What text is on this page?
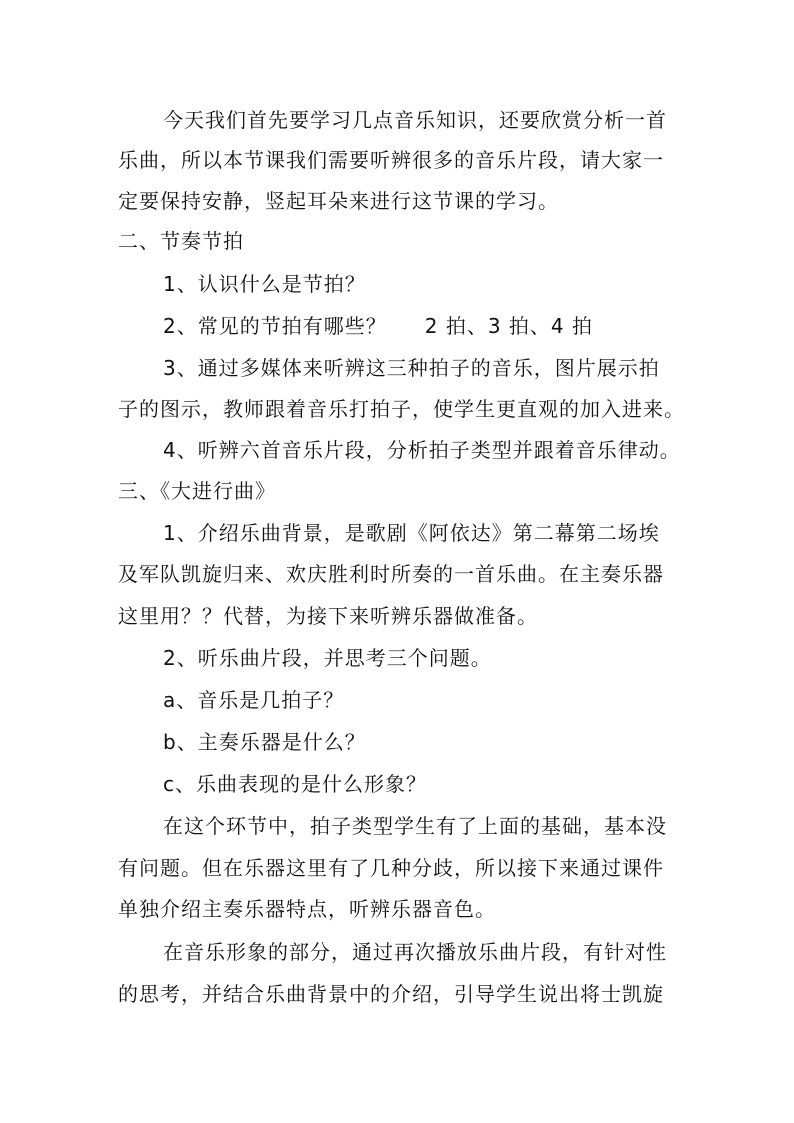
今天我们首先要学习几点音乐知识，还要欣赏分析一首
乐曲，所以本节课我们需要听辨很多的音乐片段，请大家一
定要保持安静，竖起耳朵来进行这节课的学习。
二、节奏节拍
1、认识什么是节拍？
2、常见的节拍有哪些？ 2 拍、3 拍、4 拍
3、通过多媒体来听辨这三种拍子的音乐，图片展示拍
子的图示，教师跟着音乐打拍子，使学生更直观的加入进来。
4、听辨六首音乐片段，分析拍子类型并跟着音乐律动。
三、《大进行曲》
1、介绍乐曲背景，是歌剧《阿依达》第二幕第二场埃
及军队凯旋归来、欢庆胜利时所奏的一首乐曲。在主奏乐器
这里用？？代替，为接下来听辨乐器做准备。
2、听乐曲片段，并思考三个问题。
a、音乐是几拍子？
b、主奏乐器是什么？
c、乐曲表现的是什么形象？
在这个环节中，拍子类型学生有了上面的基础，基本没
有问题。但在乐器这里有了几种分歧，所以接下来通过课件
单独介绍主奏乐器特点，听辨乐器音色。
在音乐形象的部分，通过再次播放乐曲片段，有针对性
的思考，并结合乐曲背景中的介绍，引导学生说出将士凯旋
